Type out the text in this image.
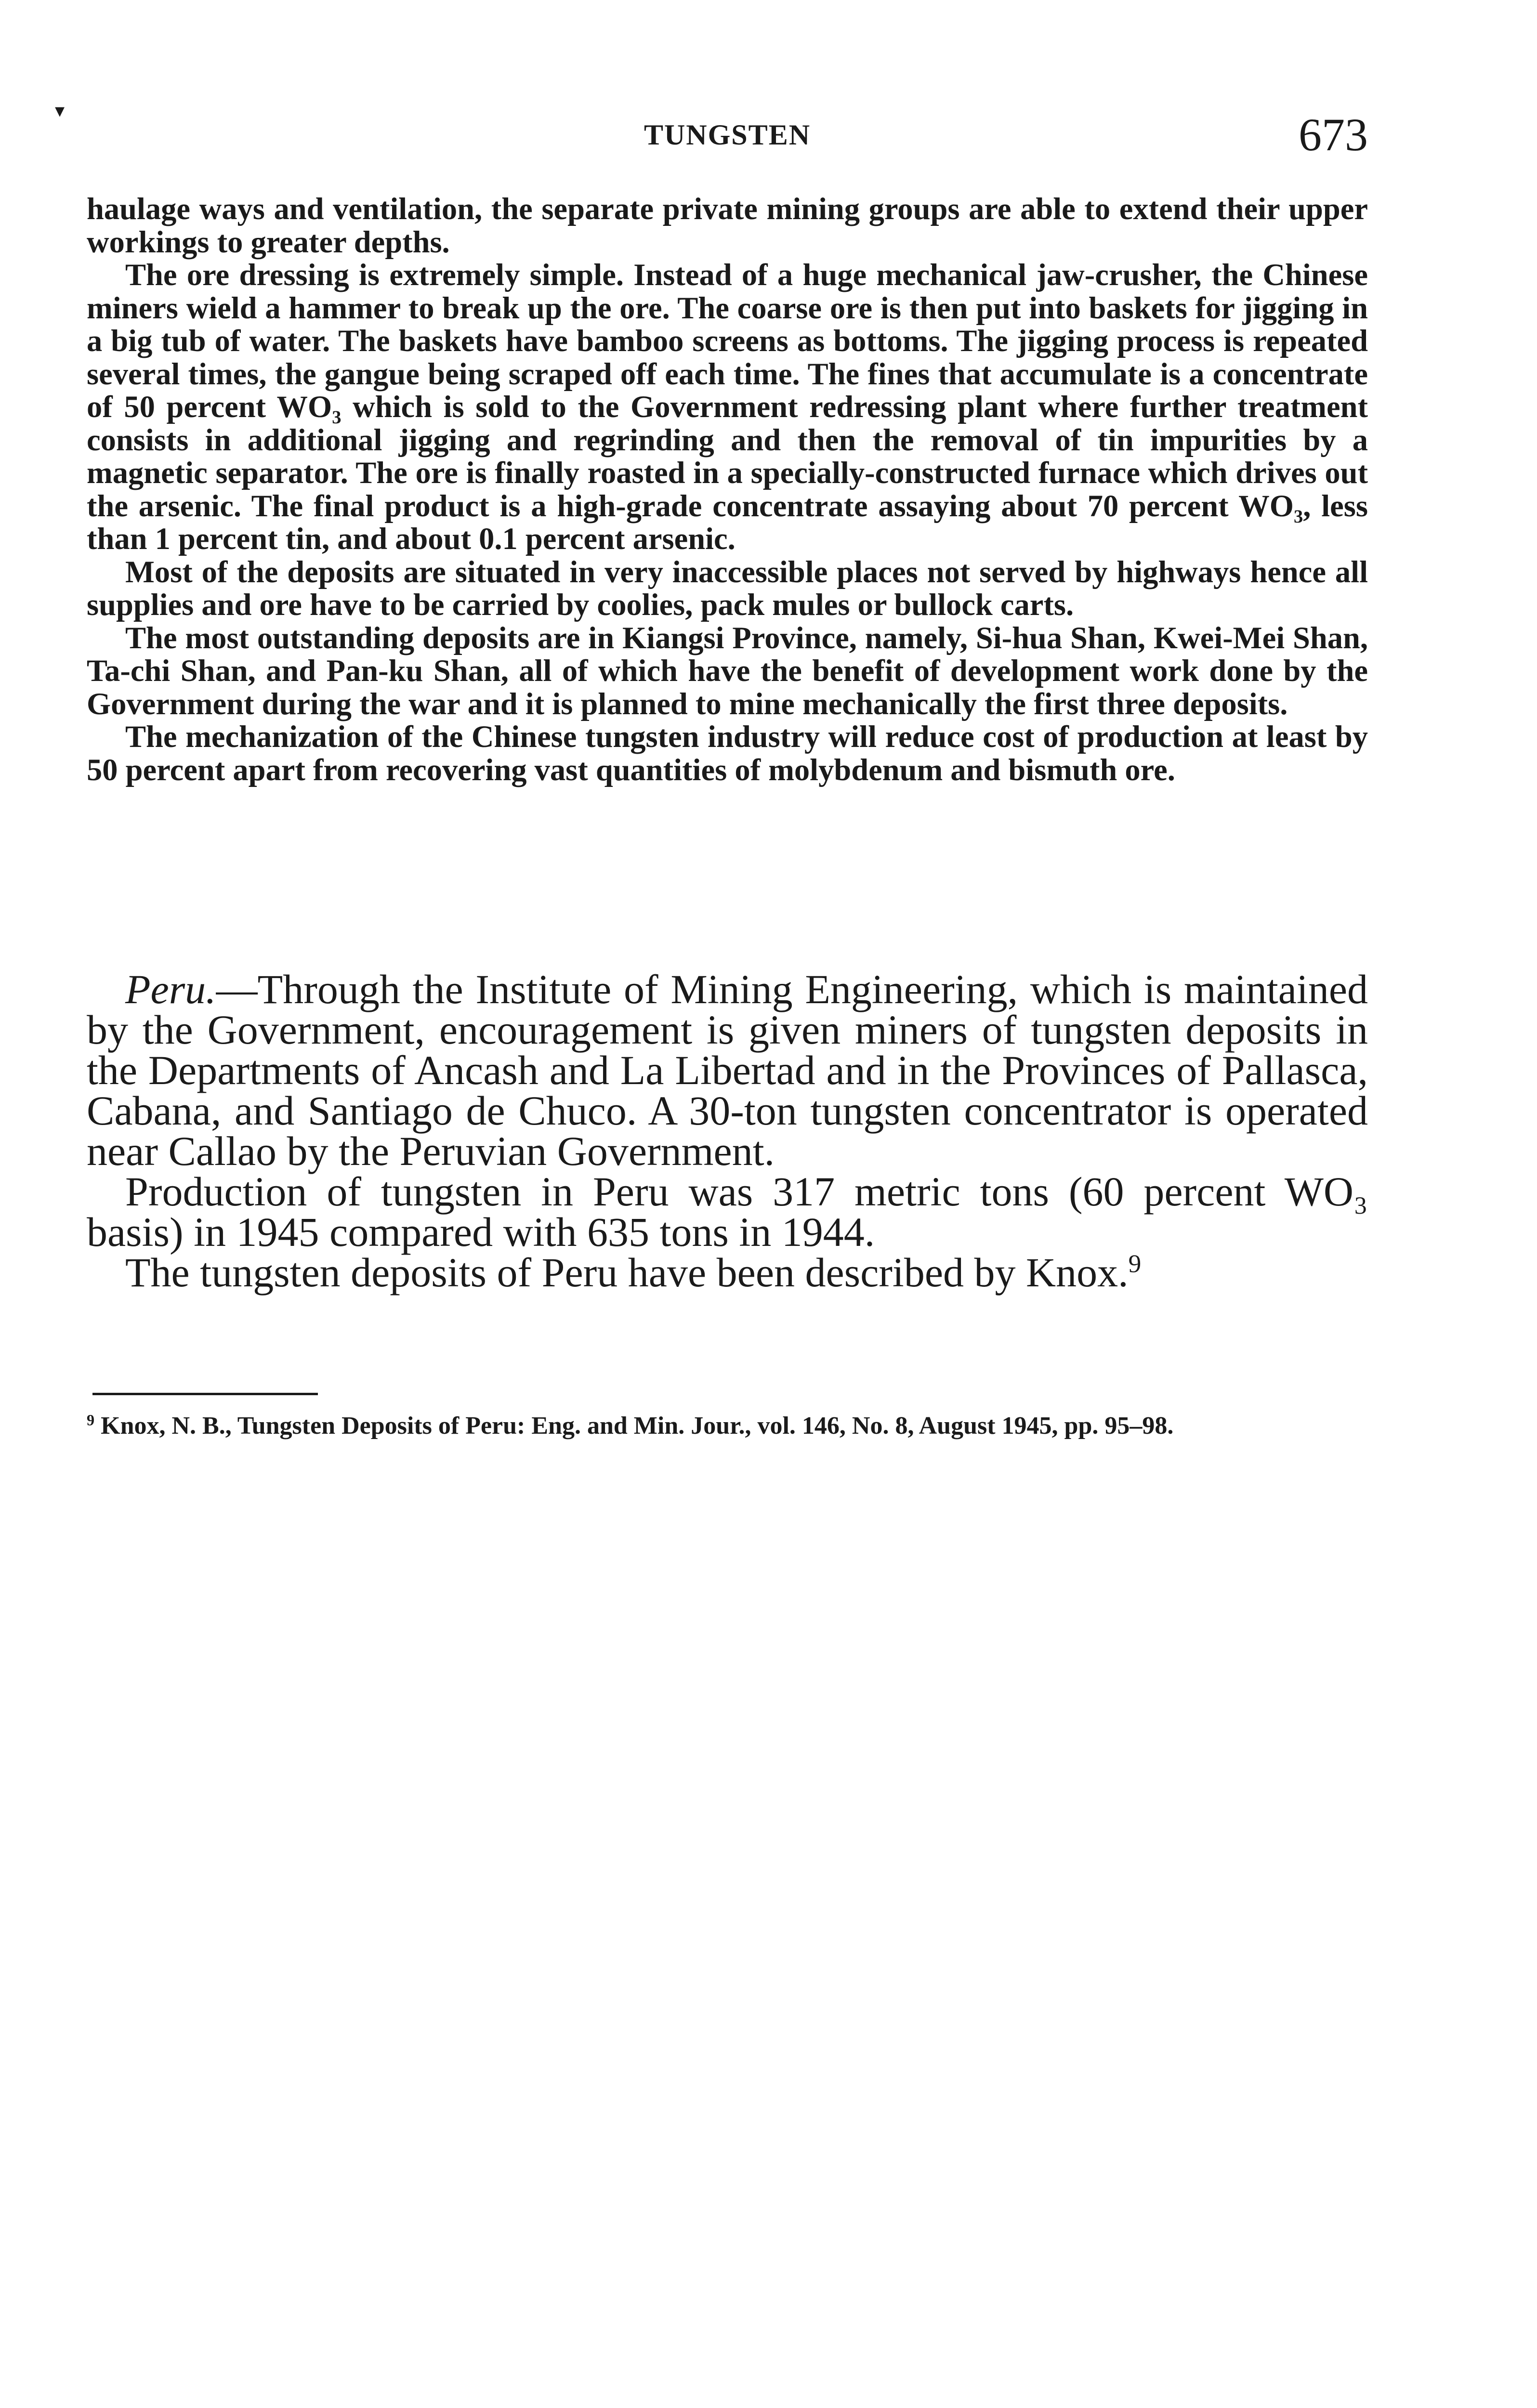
▾
TUNGSTEN	673

haulage ways and ventilation, the separate private mining groups are able to extend their upper workings to greater depths.

The ore dressing is extremely simple. Instead of a huge mechanical jaw-crusher, the Chinese miners wield a hammer to break up the ore. The coarse ore is then put into baskets for jigging in a big tub of water. The baskets have bamboo screens as bottoms. The jigging process is repeated several times, the gangue being scraped off each time. The fines that accumulate is a concentrate of 50 percent WO₃ which is sold to the Government redressing plant where further treatment consists in additional jigging and regrinding and then the removal of tin impurities by a magnetic separator. The ore is finally roasted in a specially-constructed furnace which drives out the arsenic. The final product is a high-grade concentrate assaying about 70 percent WO₃, less than 1 percent tin, and about 0.1 percent arsenic.

Most of the deposits are situated in very inaccessible places not served by highways hence all supplies and ore have to be carried by coolies, pack mules or bullock carts.

The most outstanding deposits are in Kiangsi Province, namely, Si-hua Shan, Kwei-Mei Shan, Ta-chi Shan, and Pan-ku Shan, all of which have the benefit of development work done by the Government during the war and it is planned to mine mechanically the first three deposits.

The mechanization of the Chinese tungsten industry will reduce cost of production at least by 50 percent apart from recovering vast quantities of molybdenum and bismuth ore.

Peru.—Through the Institute of Mining Engineering, which is maintained by the Government, encouragement is given miners of tungsten deposits in the Departments of Ancash and La Libertad and in the Provinces of Pallasca, Cabana, and Santiago de Chuco. A 30-ton tungsten concentrator is operated near Callao by the Peruvian Government.

Production of tungsten in Peru was 317 metric tons (60 percent WO₃ basis) in 1945 compared with 635 tons in 1944.

The tungsten deposits of Peru have been described by Knox.$^9$

$^9$ Knox, N. B., Tungsten Deposits of Peru: Eng. and Min. Jour., vol. 146, No. 8, August 1945, pp. 95–98.
